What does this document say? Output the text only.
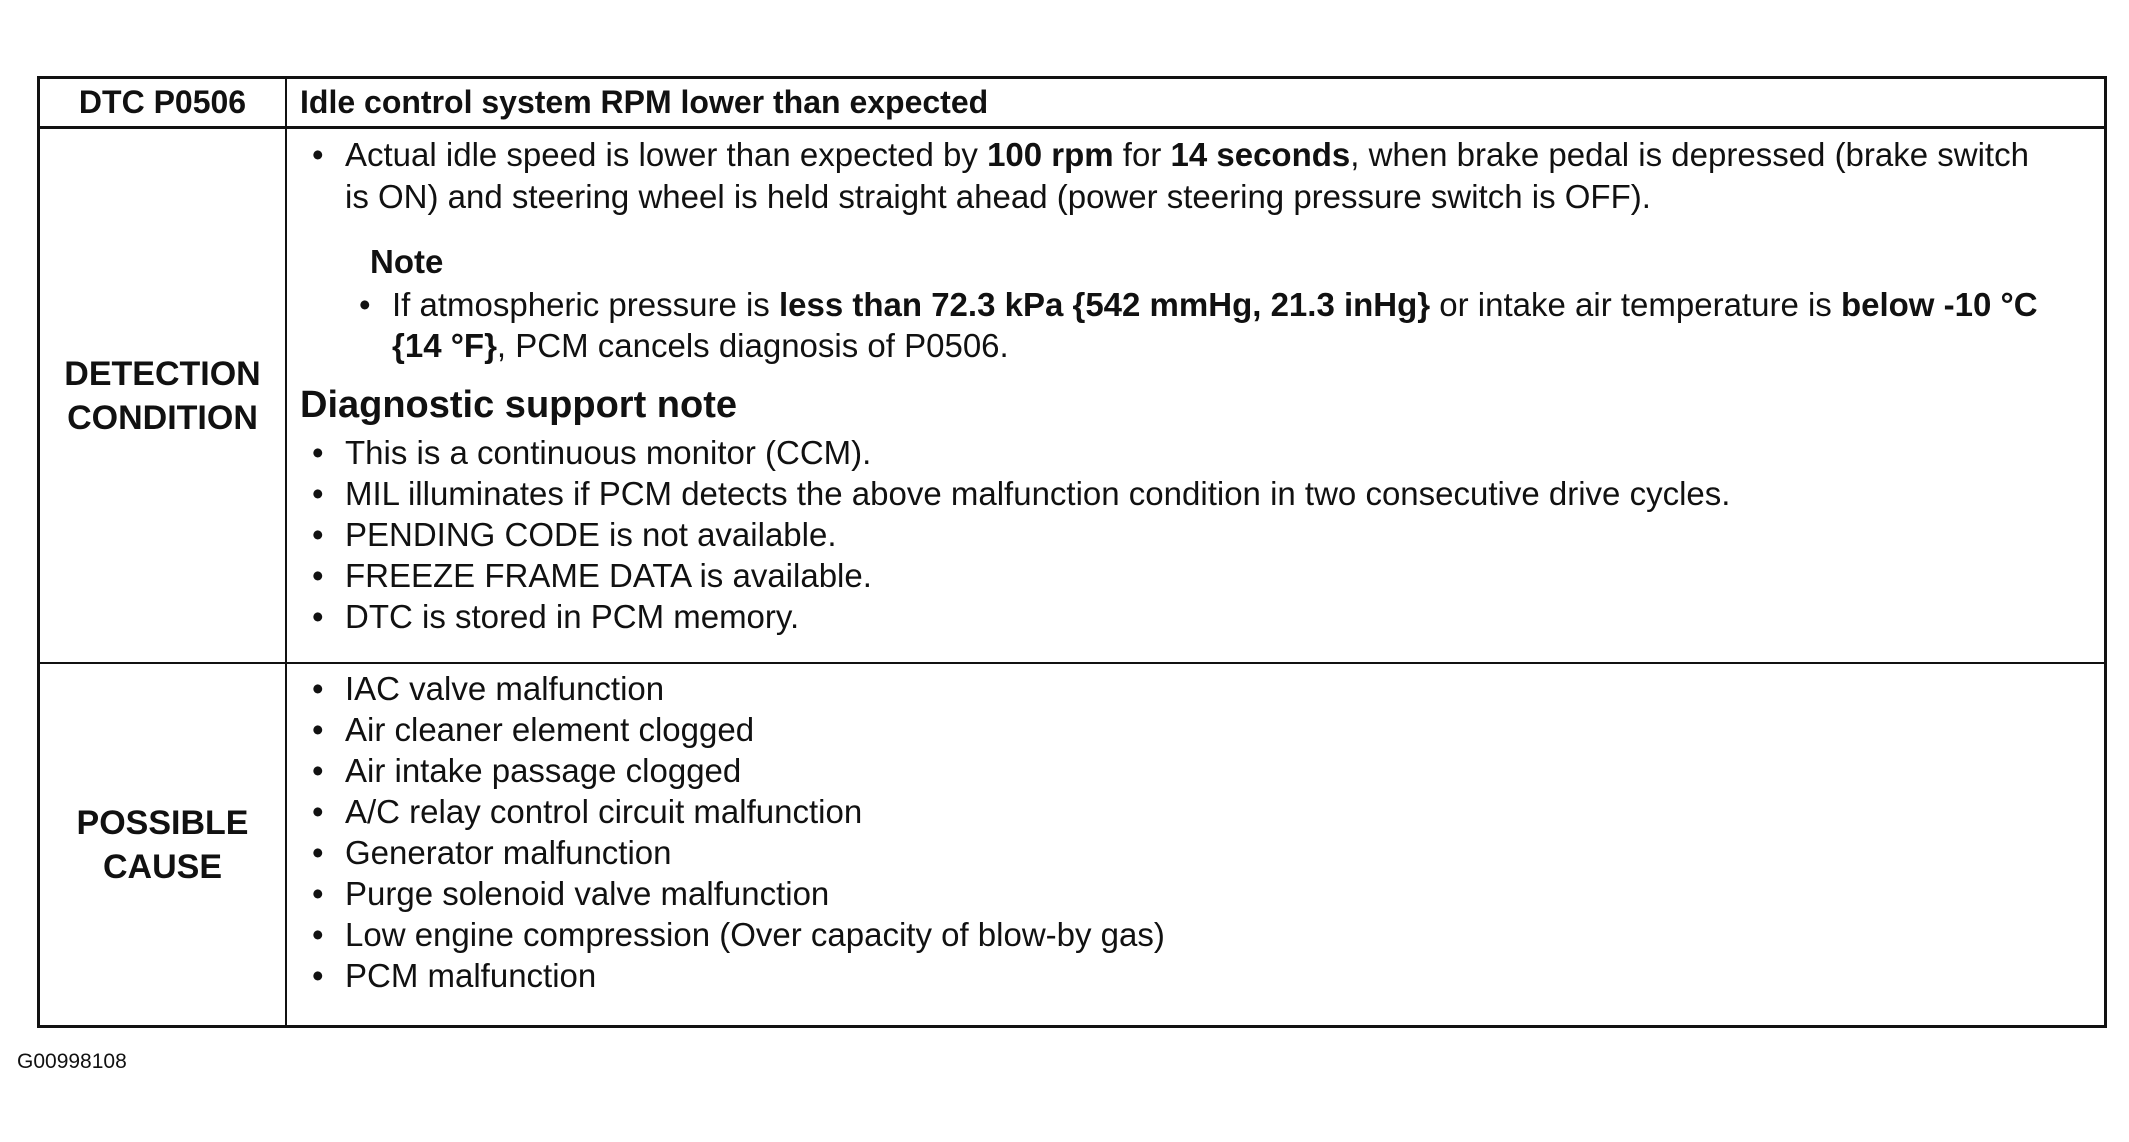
DTC P0506	Idle control system RPM lower than expected
DETECTION
CONDITION
• Actual idle speed is lower than expected by 100 rpm for 14 seconds, when brake pedal is depressed (brake switch is ON) and steering wheel is held straight ahead (power steering pressure switch is OFF).
Note
• If atmospheric pressure is less than 72.3 kPa {542 mmHg, 21.3 inHg} or intake air temperature is below -10 °C {14 °F}, PCM cancels diagnosis of P0506.
Diagnostic support note
• This is a continuous monitor (CCM).
• MIL illuminates if PCM detects the above malfunction condition in two consecutive drive cycles.
• PENDING CODE is not available.
• FREEZE FRAME DATA is available.
• DTC is stored in PCM memory.
POSSIBLE
CAUSE
• IAC valve malfunction
• Air cleaner element clogged
• Air intake passage clogged
• A/C relay control circuit malfunction
• Generator malfunction
• Purge solenoid valve malfunction
• Low engine compression (Over capacity of blow-by gas)
• PCM malfunction
G00998108
